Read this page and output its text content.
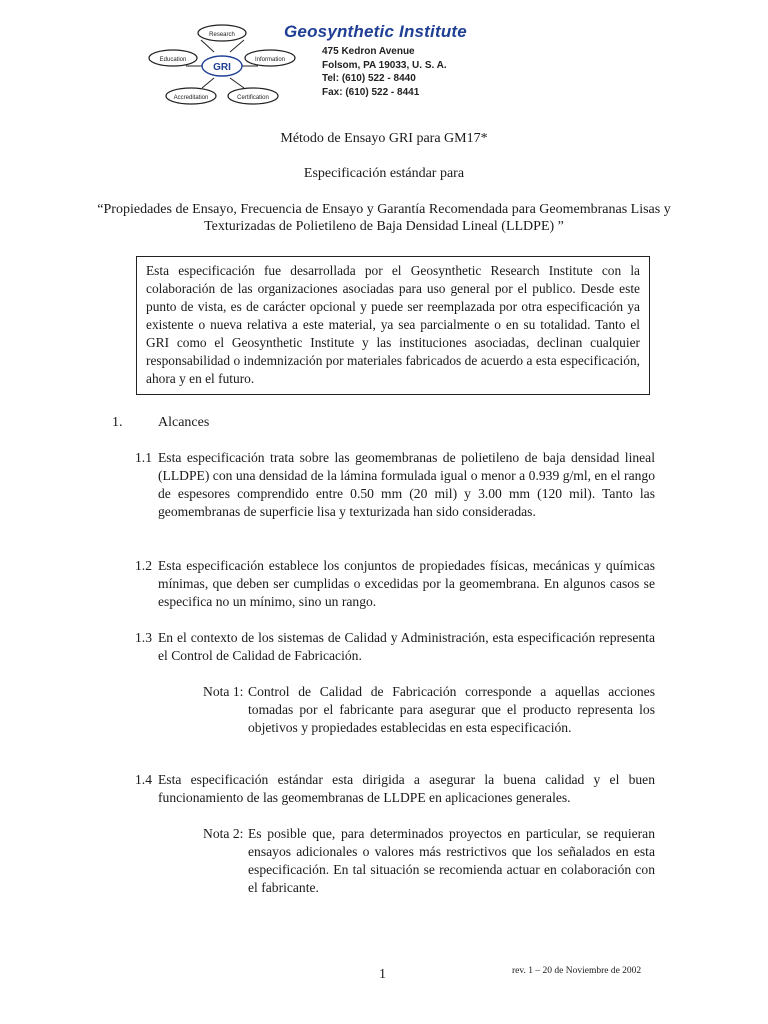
GRI
Research
Information
Certification
Accreditation
Education
Geosynthetic Institute
475 Kedron Avenue
Folsom, PA 19033, U. S. A.
Tel: (610) 522 - 8440
Fax: (610) 522 - 8441
Método de Ensayo GRI para GM17*
Especificación estándar para
“Propiedades de Ensayo, Frecuencia de Ensayo y Garantía Recomendada para Geomembranas Lisas y Texturizadas de Polietileno de Baja Densidad Lineal (LLDPE) ”
Esta especificación fue desarrollada por el Geosynthetic Research Institute con la colaboración de las organizaciones asociadas para uso general por el publico. Desde este punto de vista, es de carácter opcional y puede ser reemplazada por otra especificación ya existente o nueva relativa a este material, ya sea parcialmente o en su totalidad. Tanto el GRI como el Geosynthetic Institute y las instituciones asociadas, declinan cualquier responsabilidad o indemnización por materiales fabricados de acuerdo a esta especificación, ahora y en el futuro.
1.	Alcances
1.1 Esta especificación trata sobre las geomembranas de polietileno de baja densidad lineal (LLDPE) con una densidad de la lámina formulada igual o menor a 0.939 g/ml, en el rango de espesores comprendido entre 0.50 mm (20 mil) y 3.00 mm (120 mil). Tanto las geomembranas de superficie lisa y texturizada han sido consideradas.
1.2 Esta especificación establece los conjuntos de propiedades físicas, mecánicas y químicas mínimas, que deben ser cumplidas o excedidas por la geomembrana. En algunos casos se especifica no un mínimo, sino un rango.
1.3 En el contexto de los sistemas de Calidad y Administración, esta especificación representa el Control de Calidad de Fabricación.
Nota 1: Control de Calidad de Fabricación corresponde a aquellas acciones tomadas por el fabricante para asegurar que el producto representa los objetivos y propiedades establecidas en esta especificación.
1.4 Esta especificación estándar esta dirigida a asegurar la buena calidad y el buen funcionamiento de las geomembranas de LLDPE en aplicaciones generales.
Nota 2: Es posible que, para determinados proyectos en particular, se requieran ensayos adicionales o valores más restrictivos que los señalados en esta especificación. En tal situación se recomienda actuar en colaboración con el fabricante.
1	rev. 1 – 20 de Noviembre de 2002
